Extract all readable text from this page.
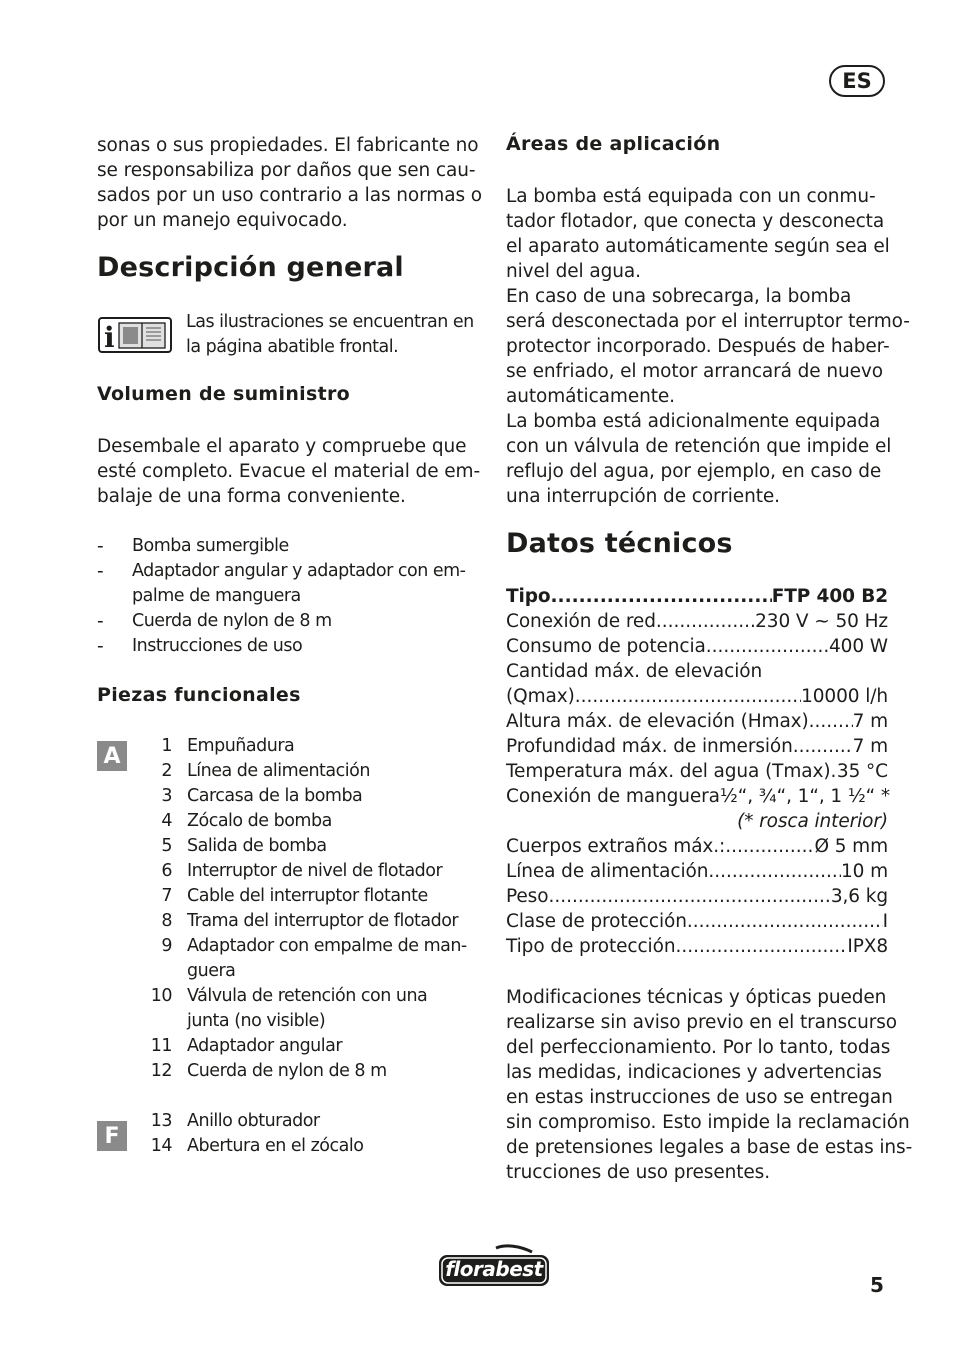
ES
sonas o sus propiedades. El fabricante no
se responsabiliza por daños que sen cau-
sados por un uso contrario a las normas o
por un manejo equivocado.
Descripción general
i	Las ilustraciones se encuentran en
la página abatible frontal.
Volumen de suministro
Desembale el aparato y compruebe que
esté completo. Evacue el material de em-
balaje de una forma conveniente.
- Bomba sumergible
- Adaptador angular y adaptador con em-
palme de manguera
- Cuerda de nylon de 8 m
- Instrucciones de uso
Piezas funcionales
A
F
1 Empuñadura
2 Línea de alimentación
3 Carcasa de la bomba
4 Zócalo de bomba
5 Salida de bomba
6 Interruptor de nivel de flotador
7 Cable del interruptor flotante
8 Trama del interruptor de flotador
9 Adaptador con empalme de man-
guera
10 Válvula de retención con una
junta (no visible)
11 Adaptador angular
12 Cuerda de nylon de 8 m
13 Anillo obturador
14 Abertura en el zócalo
Áreas de aplicación
La bomba está equipada con un conmu-
tador flotador, que conecta y desconecta
el aparato automáticamente según sea el
nivel del agua.
En caso de una sobrecarga, la bomba
será desconectada por el interruptor termo-
protector incorporado. Después de haber-
se enfriado, el motor arrancará de nuevo
automáticamente.
La bomba está adicionalmente equipada
con un válvula de retención que impide el
reflujo del agua, por ejemplo, en caso de
una interrupción de corriente.
Datos técnicos
Tipo .....	FTP 400 B2
Conexión de red .....	230 V ~ 50 Hz
Consumo de potencia .....	400 W
Cantidad máx. de elevación
(Qmax) .....	10000 l/h
Altura máx. de elevación (Hmax) ..... 7 m
Profundidad máx. de inmersión .....	7 m
Temperatura máx. del agua (Tmax) ..... 35 °C
Conexión de manguera ½“, ¾“, 1“, 1 ½“ *
(* rosca interior)
Cuerpos extraños máx.: .....	Ø 5 mm
Línea de alimentación .....	10 m
Peso .....	3,6 kg
Clase de protección .....	I
Tipo de protección .....	IPX8
Modificaciones técnicas y ópticas pueden
realizarse sin aviso previo en el transcurso
del perfeccionamiento. Por lo tanto, todas
las medidas, indicaciones y advertencias
en estas instrucciones de uso se entregan
sin compromiso. Esto impide la reclamación
de pretensiones legales a base de estas ins-
trucciones de uso presentes.
florabest
5
